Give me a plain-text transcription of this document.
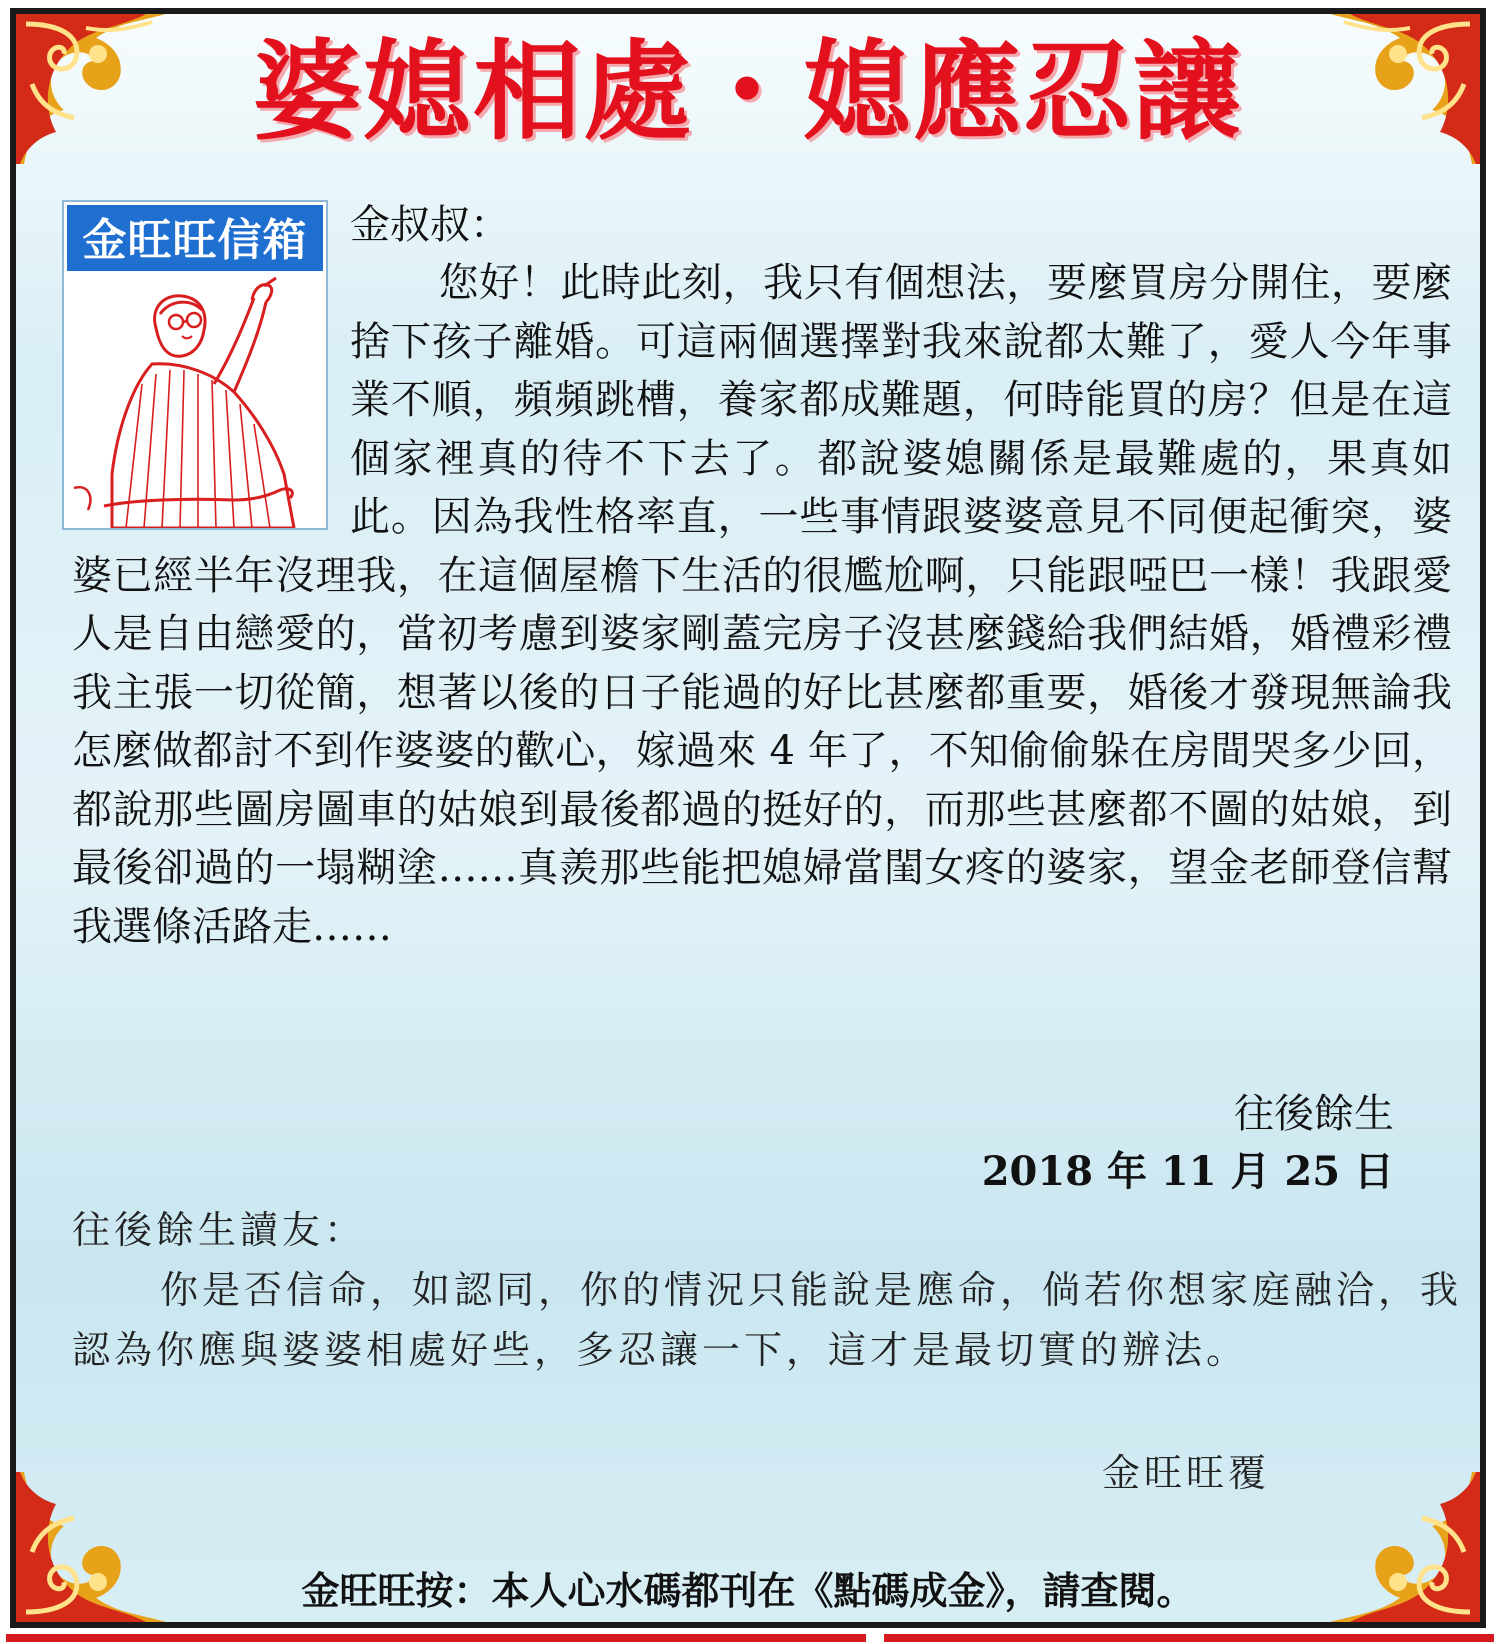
婆媳相處・媳應忍讓
金旺旺信箱	金叔叔：
您好！此時此刻，我只有個想法，要麼買房分開住，要麼捨下孩子離婚。可這兩個選擇對我來說都太難了，愛人今年事業不順，頻頻跳槽，養家都成難題，何時能買的房？但是在這個家裡真的待不下去了。都說婆媳關係是最難處的，果真如此。因為我性格率直，一些事情跟婆婆意見不同便起衝突，婆婆已經半年沒理我，在這個屋檐下生活的很尷尬啊，只能跟啞巴一樣！我跟愛人是自由戀愛的，當初考慮到婆家剛蓋完房子沒甚麼錢給我們結婚，婚禮彩禮我主張一切從簡，想著以後的日子能過的好比甚麼都重要，婚後才發現無論我怎麼做都討不到作婆婆的歡心，嫁過來 4 年了，不知偷偷躲在房間哭多少回，都說那些圖房圖車的姑娘到最後都過的挺好的，而那些甚麼都不圖的姑娘，到最後卻過的一塌糊塗……真羨那些能把媳婦當閨女疼的婆家，望金老師登信幫我選條活路走……
往後餘生
2018 年 11 月 25 日
往後餘生讀友：
你是否信命，如認同，你的情況只能說是應命，倘若你想家庭融洽，我認為你應與婆婆相處好些，多忍讓一下，這才是最切實的辦法。
金旺旺覆
金旺旺按：本人心水碼都刊在《點碼成金》，請查閱。
